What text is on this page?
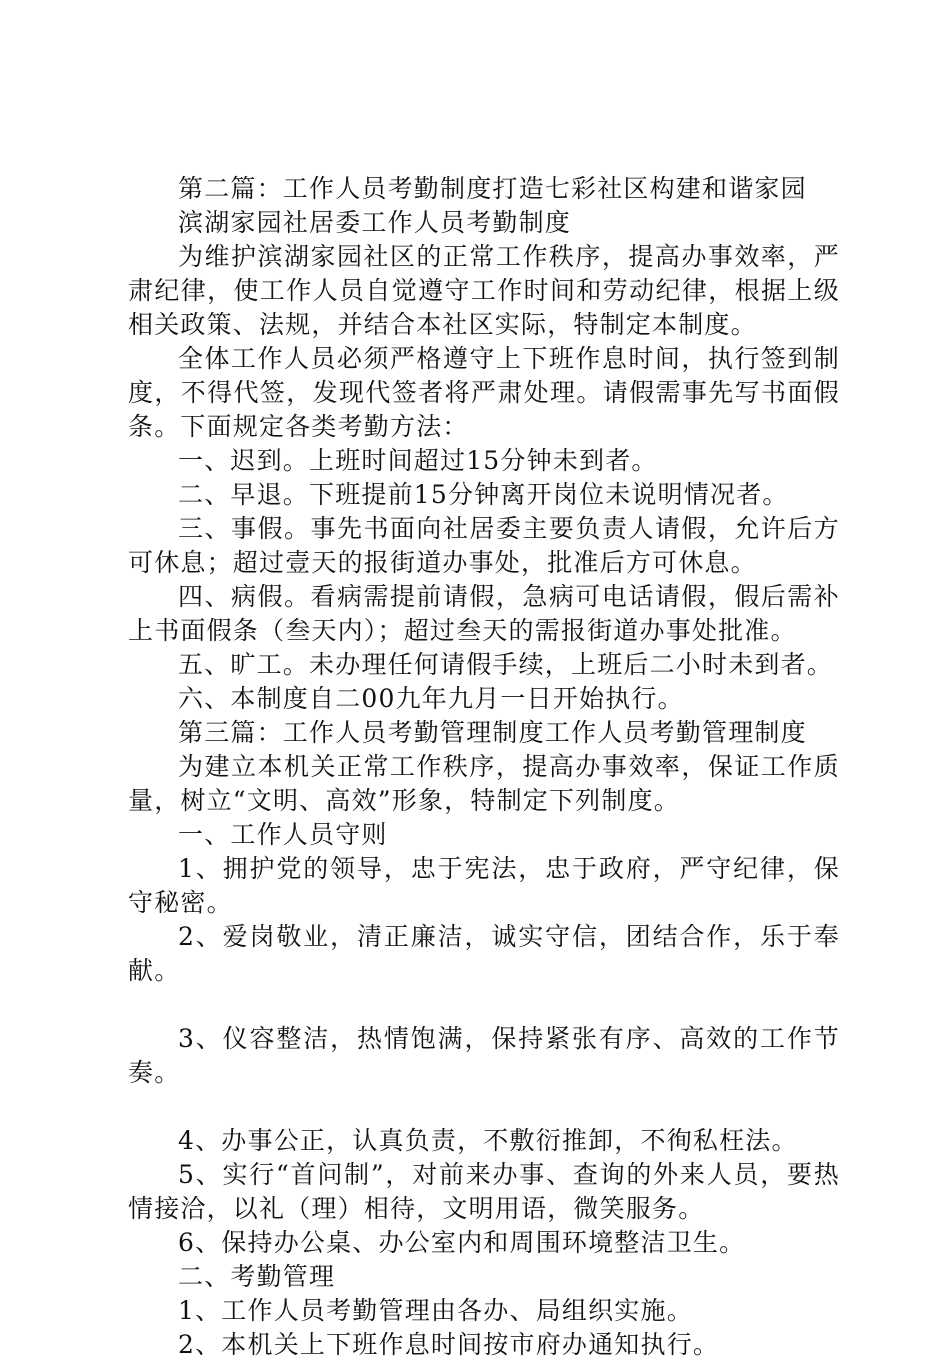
第二篇：工作人员考勤制度打造七彩社区构建和谐家园

滨湖家园社居委工作人员考勤制度

为维护滨湖家园社区的正常工作秩序，提高办事效率，严肃纪律，使工作人员自觉遵守工作时间和劳动纪律，根据上级相关政策、法规，并结合本社区实际，特制定本制度。

全体工作人员必须严格遵守上下班作息时间，执行签到制度，不得代签，发现代签者将严肃处理。请假需事先写书面假条。下面规定各类考勤方法：

一、迟到。上班时间超过15分钟未到者。

二、早退。下班提前15分钟离开岗位未说明情况者。

三、事假。事先书面向社居委主要负责人请假，允许后方可休息；超过壹天的报街道办事处，批准后方可休息。

四、病假。看病需提前请假，急病可电话请假，假后需补上书面假条（叁天内）；超过叁天的需报街道办事处批准。

五、旷工。未办理任何请假手续，上班后二小时未到者。

六、本制度自二00九年九月一日开始执行。

第三篇：工作人员考勤管理制度工作人员考勤管理制度

为建立本机关正常工作秩序，提高办事效率，保证工作质量，树立“文明、高效”形象，特制定下列制度。

一、工作人员守则

1、拥护党的领导，忠于宪法，忠于政府，严守纪律，保守秘密。

2、爱岗敬业，清正廉洁，诚实守信，团结合作，乐于奉献。

3、仪容整洁，热情饱满，保持紧张有序、高效的工作节奏。

4、办事公正，认真负责，不敷衍推卸，不徇私枉法。

5、实行“首问制”，对前来办事、查询的外来人员，要热情接洽，以礼（理）相待，文明用语，微笑服务。

6、保持办公桌、办公室内和周围环境整洁卫生。

二、考勤管理

1、工作人员考勤管理由各办、局组织实施。

2、本机关上下班作息时间按市府办通知执行。
